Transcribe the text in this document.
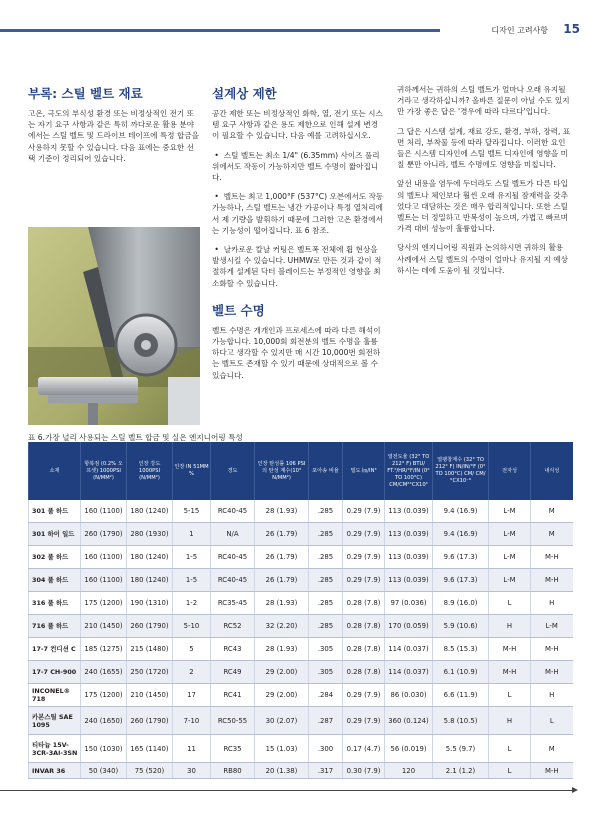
디자인 고려사항 15
부록: 스틸 벨트 재료

고온, 극도의 부식성 환경 또는 비정상적인 전기 또는 자기 요구 사항과 같은 특히 까다로운 활용 분야에서는 스틸 벨트 및 드라이브 테이프에 특정 합금을 사용하지 못할 수 있습니다. 다음 표에는 중요한 선택 기준이 정리되어 있습니다.

설계상 제한

공간 제한 또는 비정상적인 화학, 열, 전기 또는 시스템 요구 사항과 같은 용도 제한으로 인해 설계 변경이 필요할 수 있습니다. 다음 예를 고려하십시오.

•  스틸 벨트는 최소 1/4" (6.35mm) 사이즈 풀리 위에서도 작동이 가능하지만 벨트 수명이 짧아집니다.

•  벨트는 최고 1,000°F (537°C) 오븐에서도 작동 가능하나, 스틸 벨트는 냉간 가공이나 특정 열처리에서 제 기량을 발휘하기 때문에 그러한 고온 환경에서는 기능성이 떨어집니다. 표 6 참조.

•  날카로운 칼날 커팅은 벨트폭 전체에 휨 현상을 발생시킬 수 있습니다. UHMW로 만든 것과 같이 적절하게 설계된 닥터 블레이드는 부정적인 영향을 최소화할 수 있습니다.

벨트 수명

벨트 수명은 개개인과 프로세스에 따라 다른 해석이 가능합니다. 10,000회 회전분의 벨트 수명을 훌륭하다고 생각할 수 있지만 매 시간 10,000번 회전하는 벨트도 존재할 수 있기 때문에 상대적으로 볼 수 있습니다.

귀하께서는 귀하의 스틸 벨트가 얼마나 오래 유지될 거라고 생각하십니까? 올바른 질문이 아닐 수도 있지만 가장 좋은 답은 '경우에 따라 다르다'입니다.

그 답은 시스템 설계, 재료 강도, 환경, 부하, 장력, 표면 처리, 부착물 등에 따라 달라집니다. 이러한 요인들은 시스템 디자인에 스틸 벨트 디자인에 영향을 미칠 뿐만 아니라, 벨트 수명에도 영향을 미칩니다.

앞선 내용을 염두에 두더라도 스틸 벨트가 다른 타입의 벨트나 체인보다 훨씬 오래 유지될 잠재력을 갖추었다고 대담하는 것은 매우 합리적입니다. 또한 스틸 벨트는 더 정밀하고 반복성이 높으며, 가볍고 빠르며 가격 대비 성능이 훌륭합니다.

당사의 엔지니어링 직원과 논의하시면 귀하의 활용 사례에서 스틸 벨트의 수명이 얼마나 유지될 지 예상하시는 데에 도움이 될 것입니다.

표 6.가장 널리 사용되는 스틸 벨트 합금 및 실온 엔지니어링 특성
소재	항복점 (0.2% 오프셋) 1000PSI (N/MM²)	인장 강도 1000PSI (N/MM²)	인장 IN 51MM %	경도	인장 탄성률 106 PSI의 탄성 계수(10³ N/MM²)	포아송 비율	밀도 ㏐/IN³	열전도율 (32° TO 212° F) BTU/ FT.²/HR/°F/IN (0° TO 100°C) CM/CM²°CX10³	열팽창계수 (32° TO 212° F) IN/IN/°F (0° TO 100°C) CM/ CM/°CX10⁻⁶	전자성	내식성
301 풀 하드	160 (1100)	180 (1240)	5-15	RC40-45	28 (1.93)	.285	0.29 (7.9)	113 (0.039)	9.4 (16.9)	L-M	M
301 하이 일드	260 (1790)	280 (1930)	1	N/A	26 (1.79)	.285	0.29 (7.9)	113 (0.039)	9.4 (16.9)	L-M	M
302 풀 하드	160 (1100)	180 (1240)	1-5	RC40-45	26 (1.79)	.285	0.29 (7.9)	113 (0.039)	9.6 (17.3)	L-M	M-H
304 풀 하드	160 (1100)	180 (1240)	1-5	RC40-45	26 (1.79)	.285	0.29 (7.9)	113 (0.039)	9.6 (17.3)	L-M	M-H
316 풀 하드	175 (1200)	190 (1310)	1-2	RC35-45	28 (1.93)	.285	0.28 (7.8)	97 (0.036)	8.9 (16.0)	L	H
716 풀 하드	210 (1450)	260 (1790)	5-10	RC52	32 (2.20)	.285	0.28 (7.8)	170 (0.059)	5.9 (10.6)	H	L-M
17-7 컨디션 C	185 (1275)	215 (1480)	5	RC43	28 (1.93)	.305	0.28 (7.8)	114 (0.037)	8.5 (15.3)	M-H	M-H
17-7 CH-900	240 (1655)	250 (1720)	2	RC49	29 (2.00)	.305	0.28 (7.8)	114 (0.037)	6.1 (10.9)	M-H	M-H
INCONEL® 718	175 (1200)	210 (1450)	17	RC41	29 (2.00)	.284	0.29 (7.9)	86 (0.030)	6.6 (11.9)	L	H
카본스틸 SAE 1095	240 (1650)	260 (1790)	7-10	RC50-55	30 (2.07)	.287	0.29 (7.9)	360 (0.124)	5.8 (10.5)	H	L
티타늄 15V-3CR-3Al-3SN	150 (1030)	165 (1140)	11	RC35	15 (1.03)	.300	0.17 (4.7)	56 (0.019)	5.5 (9.7)	L	M
INVAR 36	50 (340)	75 (520)	30	RB80	20 (1.38)	.317	0.30 (7.9)	120	2.1 (1.2)	L	M-H
